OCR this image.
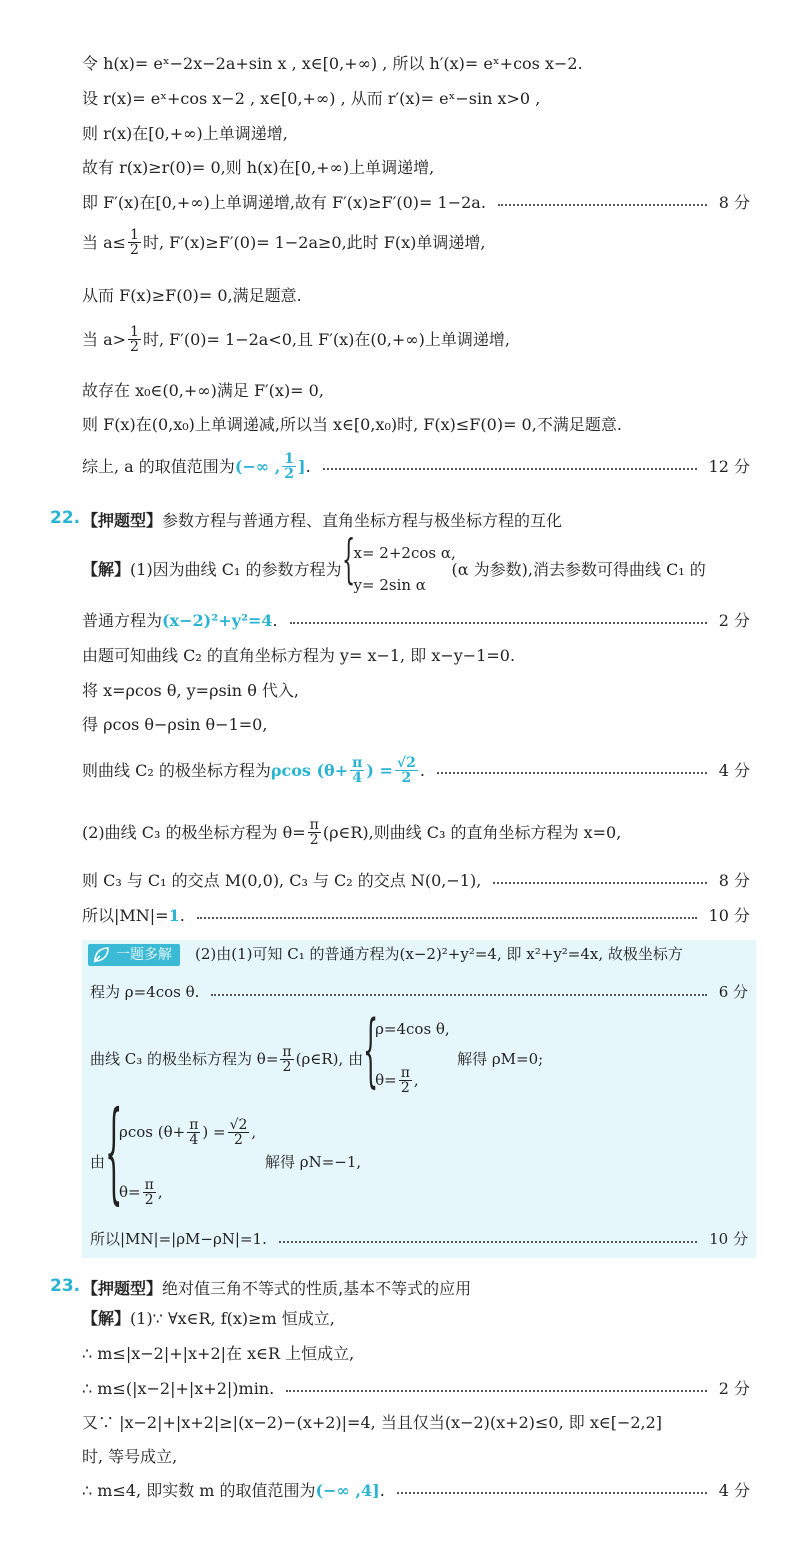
令 h(x)= eˣ−2x−2a+sin x , x∈[0,+∞) , 所以 h′(x)= eˣ+cos x−2.
设 r(x)= eˣ+cos x−2 , x∈[0,+∞) , 从而 r′(x)= eˣ−sin x>0 ,
则 r(x)在[0,+∞)上单调递增,
故有 r(x)≥r(0)= 0,则 h(x)在[0,+∞)上单调递增,
即 F′(x)在[0,+∞)上单调递增,故有 F′(x)≥F′(0)= 1−2a.	8 分
当 $a\le \frac{1}{2}$ 时, F′(x)≥F′(0)= 1−2a≥0,此时 F(x)单调递增,
从而 F(x)≥F(0)= 0,满足题意.
当 $a> \frac{1}{2}$ 时, F′(0)= 1−2a<0,且 F′(x)在(0,+∞)上单调递增,
故存在 x₀∈(0,+∞)满足 F′(x)= 0,
则 F(x)在(0,x₀)上单调递减,所以当 x∈[0,x₀)时, F(x)≤F(0)= 0,不满足题意.
综上, a 的取值范围为 (−∞ , $\frac{1}{2}$ ] .	12 分
22. 【押题型】参数方程与普通方程、直角坐标方程与极坐标方程的互化
【解】 (1)因为曲线 C₁ 的参数方程为 {
x= 2+2cos α,
y= 2sin α
(α 为参数),消去参数可得曲线 C₁ 的
普通方程为 (x−2)²+y²=4 .	2 分
由题可知曲线 C₂ 的直角坐标方程为 y= x−1, 即 x−y−1=0.
将 x=ρcos θ, y=ρsin θ 代入,
得 ρcos θ−ρsin θ−1=0,
则曲线 C₂ 的极坐标方程为 ρcos ($\theta+ \frac{\pi}{4}$ ) = $\frac{√2}{2}$ .	4 分
(2)曲线 C₃ 的极坐标方程为 $\theta= \frac{\pi}{2}$ (ρ∈R),则曲线 C₃ 的直角坐标方程为 x=0,
则 C₃ 与 C₁ 的交点 M(0,0), C₃ 与 C₂ 的交点 N(0,−1),	8 分
所以|MN|= 1 .	10 分
一题多解	(2)由(1)可知 C₁ 的普通方程为(x−2)²+y²=4, 即 x²+y²=4x, 故极坐标方
程为 ρ=4cos θ.	6 分
曲线 C₃ 的极坐标方程为 $\theta= \frac{\pi}{2}$ (ρ∈R), 由 {
ρ=4cos θ,
$\theta= \frac{\pi}{2}$ ,
解得 ρM=0;
由 {
ρcos ($\theta+ \frac{\pi}{4}$ ) = $\frac{√2}{2}$ ,
$\theta= \frac{\pi}{2}$ ,
解得 ρN=−1,
所以|MN|=|ρM−ρN|=1.	10 分
23. 【押题型】绝对值三角不等式的性质,基本不等式的应用
【解】 (1)∵ ∀x∈R, f(x)≥m 恒成立,
∴ m≤|x−2|+|x+2|在 x∈R 上恒成立,
∴ m≤(|x−2|+|x+2|)min.	2 分
又∵ |x−2|+|x+2|≥|(x−2)−(x+2)|=4, 当且仅当(x−2)(x+2)≤0, 即 x∈[−2,2]
时, 等号成立,
∴ m≤4, 即实数 m 的取值范围为 (−∞ ,4] .	4 分
